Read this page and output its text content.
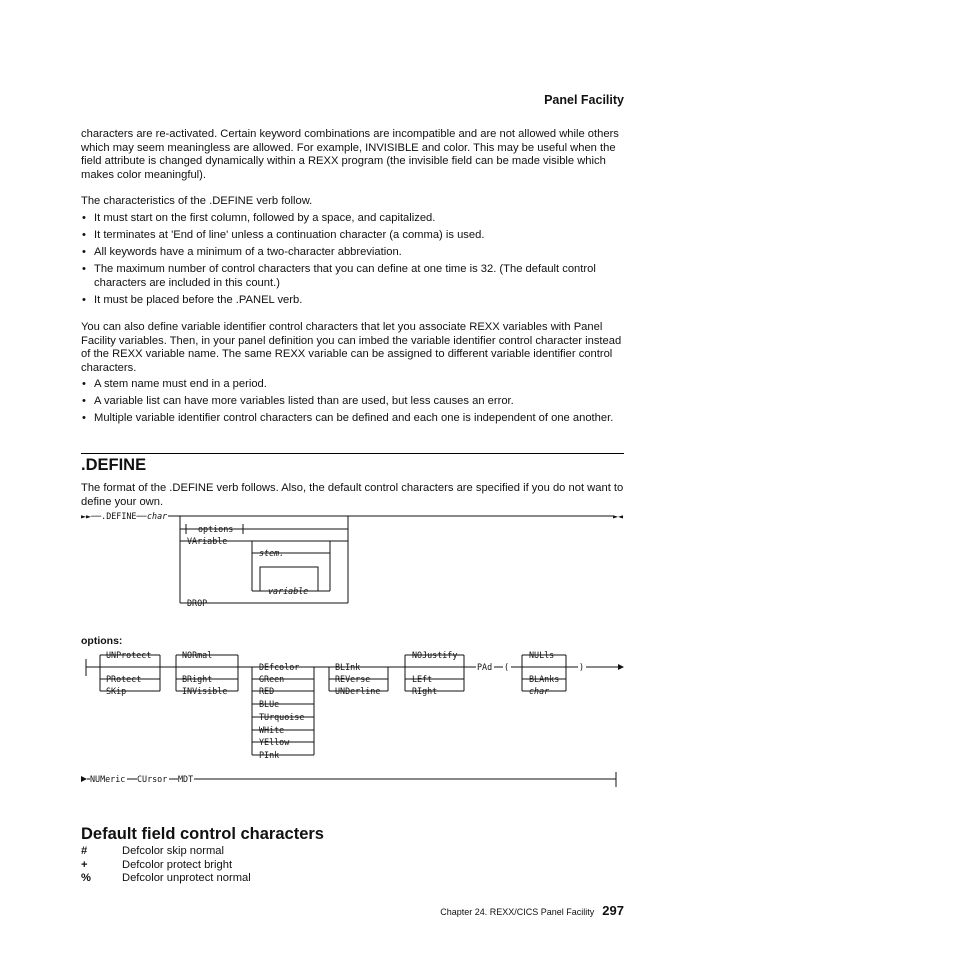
Panel Facility
characters are re-activated. Certain keyword combinations are incompatible and are not allowed while others which may seem meaningless are allowed. For example, INVISIBLE and color. This may be useful when the field attribute is changed dynamically within a REXX program (the invisible field can be made visible which makes color meaningful).
The characteristics of the .DEFINE verb follow.
• It must start on the first column, followed by a space, and capitalized.
• It terminates at 'End of line' unless a continuation character (a comma) is used.
• All keywords have a minimum of a two-character abbreviation.
• The maximum number of control characters that you can define at one time is 32. (The default control characters are included in this count.)
• It must be placed before the .PANEL verb.
You can also define variable identifier control characters that let you associate REXX variables with Panel Facility variables. Then, in your panel definition you can imbed the variable identifier control character instead of the REXX variable name. The same REXX variable can be assigned to different variable identifier control characters.
• A stem name must end in a period.
• A variable list can have more variables listed than are used, but less causes an error.
• Multiple variable identifier control characters can be defined and each one is independent of one another.
.DEFINE
The format of the .DEFINE verb follows. Also, the default control characters are specified if you do not want to define your own.
options:
►►──.DEFINE── char	►◄
options
VAriable
stem.
variable
DROP
UNProtect
PRotect
SKip
NORmal
BRight
INVisible
DEfcolor
GReen
RED
BLUe
TUrquoise
WHite
YEllow
PInk
BLInk
REVerse
UNDerline
NOJustify
LEft
RIght
PAd (
NULls
BLAnks
char
)
NUMeric CUrsor MDT
Default field control characters
#	Defcolor skip normal
+	Defcolor protect bright
%	Defcolor unprotect normal
Chapter 24. REXX/CICS Panel Facility 297
